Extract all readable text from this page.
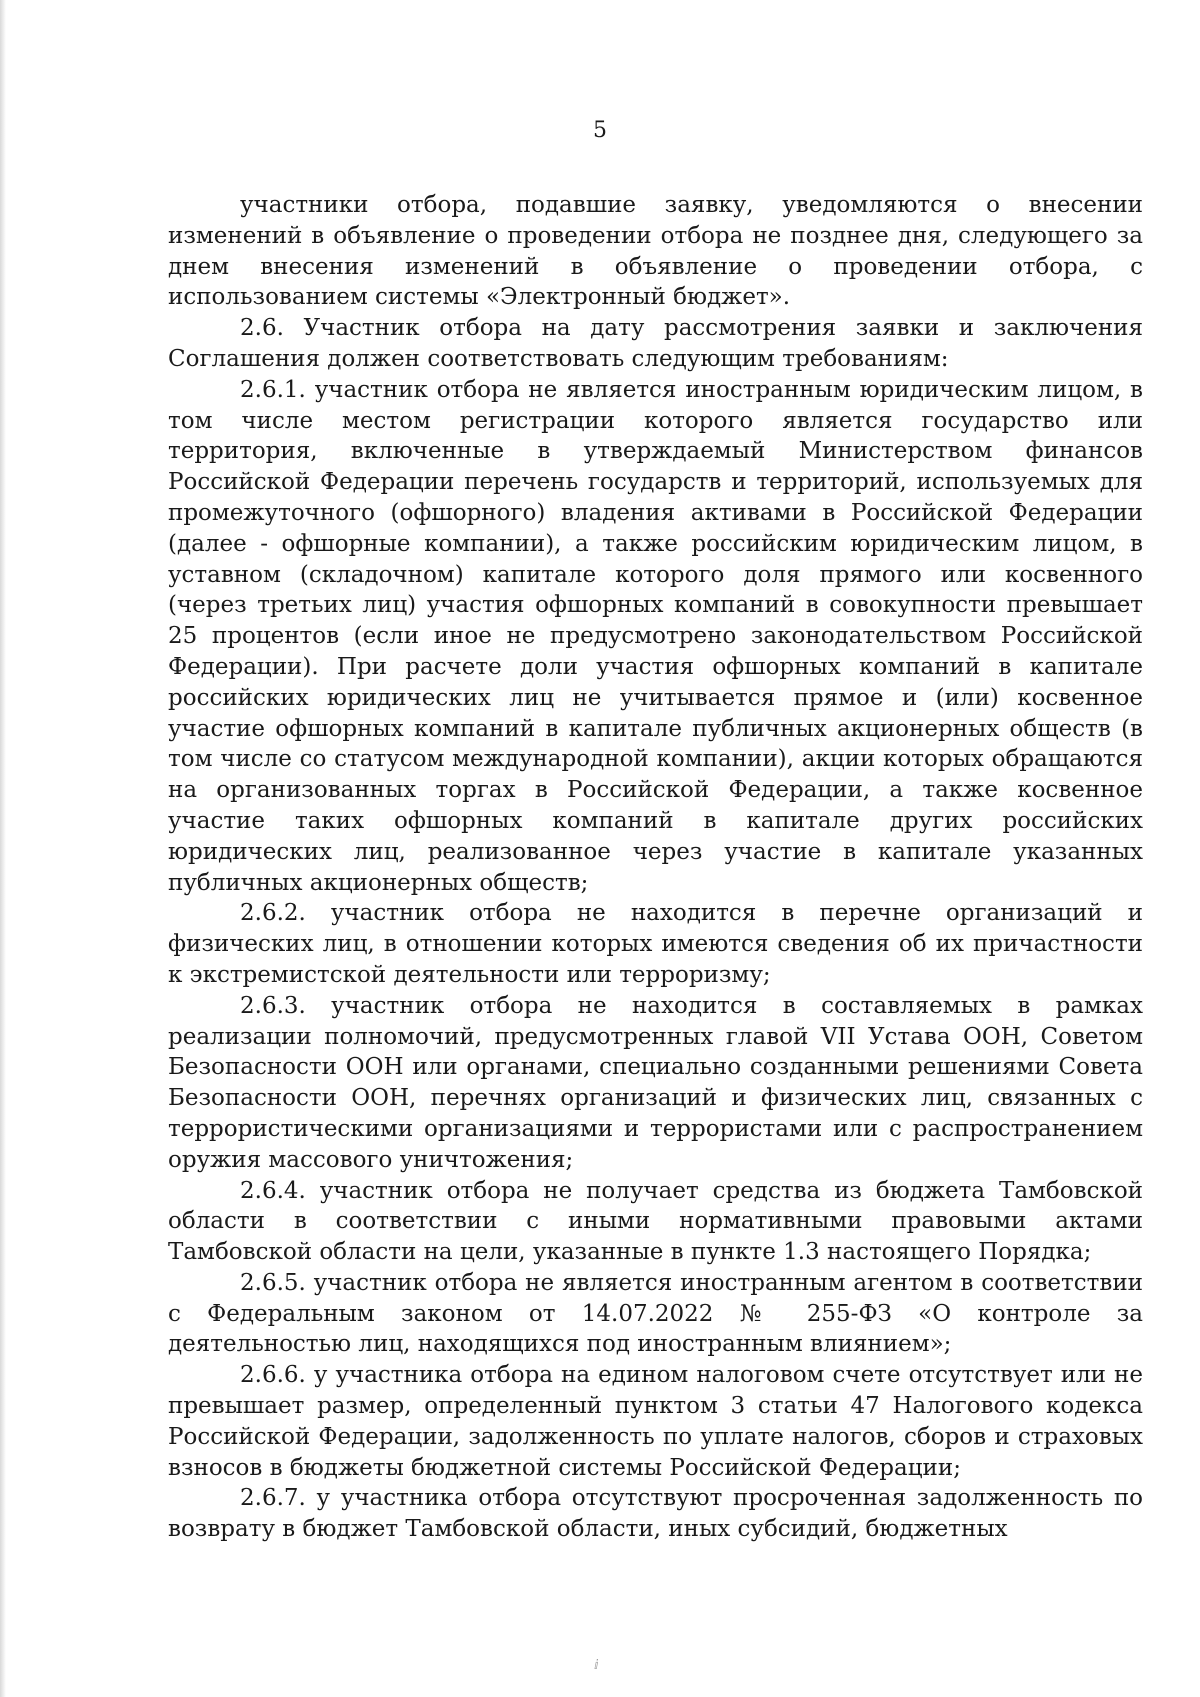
5

участники отбора, подавшие заявку, уведомляются о внесении изменений в объявление о проведении отбора не позднее дня, следующего за днем внесения изменений в объявление о проведении отбора, с использованием системы «Электронный бюджет».

2.6. Участник отбора на дату рассмотрения заявки и заключения Соглашения должен соответствовать следующим требованиям:

2.6.1. участник отбора не является иностранным юридическим лицом, в том числе местом регистрации которого является государство или территория, включенные в утверждаемый Министерством финансов Российской Федерации перечень государств и территорий, используемых для промежуточного (офшорного) владения активами в Российской Федерации (далее - офшорные компании), а также российским юридическим лицом, в уставном (складочном) капитале которого доля прямого или косвенного (через третьих лиц) участия офшорных компаний в совокупности превышает 25 процентов (если иное не предусмотрено законодательством Российской Федерации). При расчете доли участия офшорных компаний в капитале российских юридических лиц не учитывается прямое и (или) косвенное участие офшорных компаний в капитале публичных акционерных обществ (в том числе со статусом международной компании), акции которых обращаются на организованных торгах в Российской Федерации, а также косвенное участие таких офшорных компаний в капитале других российских юридических лиц, реализованное через участие в капитале указанных публичных акционерных обществ;

2.6.2. участник отбора не находится в перечне организаций и физических лиц, в отношении которых имеются сведения об их причастности к экстремистской деятельности или терроризму;

2.6.3. участник отбора не находится в составляемых в рамках реализации полномочий, предусмотренных главой VII Устава ООН, Советом Безопасности ООН или органами, специально созданными решениями Совета Безопасности ООН, перечнях организаций и физических лиц, связанных с террористическими организациями и террористами или с распространением оружия массового уничтожения;

2.6.4. участник отбора не получает средства из бюджета Тамбовской области в соответствии с иными нормативными правовыми актами Тамбовской области на цели, указанные в пункте 1.3 настоящего Порядка;

2.6.5. участник отбора не является иностранным агентом в соответствии с Федеральным законом от 14.07.2022 № 255-ФЗ «О контроле за деятельностью лиц, находящихся под иностранным влиянием»;

2.6.6. у участника отбора на едином налоговом счете отсутствует или не превышает размер, определенный пунктом 3 статьи 47 Налогового кодекса Российской Федерации, задолженность по уплате налогов, сборов и страховых взносов в бюджеты бюджетной системы Российской Федерации;

2.6.7. у участника отбора отсутствуют просроченная задолженность по возврату в бюджет Тамбовской области, иных субсидий, бюджетных

ⅈ
